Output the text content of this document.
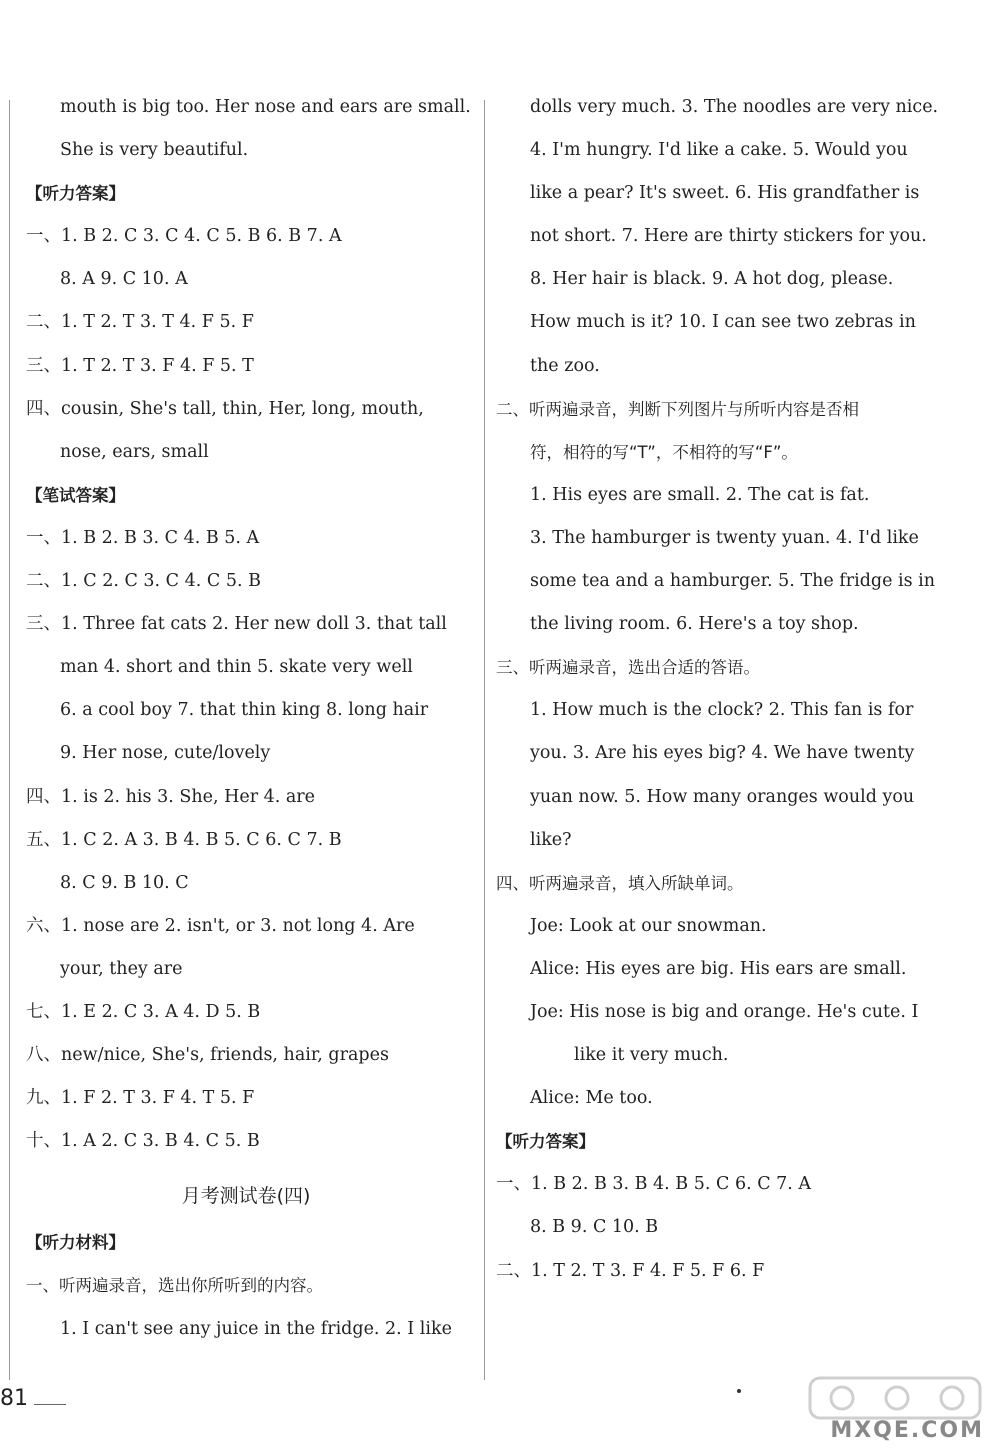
mouth is big too. Her nose and ears are small.
She is very beautiful.
【听力答案】
一、1. B 2. C 3. C 4. C 5. B 6. B 7. A
8. A 9. C 10. A
二、1. T 2. T 3. T 4. F 5. F
三、1. T 2. T 3. F 4. F 5. T
四、cousin, She's tall, thin, Her, long, mouth,
nose, ears, small
【笔试答案】
一、1. B 2. B 3. C 4. B 5. A
二、1. C 2. C 3. C 4. C 5. B
三、1. Three fat cats 2. Her new doll 3. that tall
man 4. short and thin 5. skate very well
6. a cool boy 7. that thin king 8. long hair
9. Her nose, cute/lovely
四、1. is 2. his 3. She, Her 4. are
五、1. C 2. A 3. B 4. B 5. C 6. C 7. B
8. C 9. B 10. C
六、1. nose are 2. isn't, or 3. not long 4. Are
your, they are
七、1. E 2. C 3. A 4. D 5. B
八、new/nice, She's, friends, hair, grapes
九、1. F 2. T 3. F 4. T 5. F
十、1. A 2. C 3. B 4. C 5. B
月考测试卷(四)
【听力材料】
一、听两遍录音，选出你所听到的内容。
1. I can't see any juice in the fridge. 2. I like
dolls very much. 3. The noodles are very nice.
4. I'm hungry. I'd like a cake. 5. Would you
like a pear? It's sweet. 6. His grandfather is
not short. 7. Here are thirty stickers for you.
8. Her hair is black. 9. A hot dog, please.
How much is it? 10. I can see two zebras in
the zoo.
二、听两遍录音，判断下列图片与所听内容是否相
符，相符的写“T”，不相符的写“F”。
1. His eyes are small. 2. The cat is fat.
3. The hamburger is twenty yuan. 4. I'd like
some tea and a hamburger. 5. The fridge is in
the living room. 6. Here's a toy shop.
三、听两遍录音，选出合适的答语。
1. How much is the clock? 2. This fan is for
you. 3. Are his eyes big? 4. We have twenty
yuan now. 5. How many oranges would you
like?
四、听两遍录音，填入所缺单词。
Joe: Look at our snowman.
Alice: His eyes are big. His ears are small.
Joe: His nose is big and orange. He's cute. I
like it very much.
Alice: Me too.
【听力答案】
一、1. B 2. B 3. B 4. B 5. C 6. C 7. A
8. B 9. C 10. B
二、1. T 2. T 3. F 4. F 5. F 6. F
81
MXQE.COM
